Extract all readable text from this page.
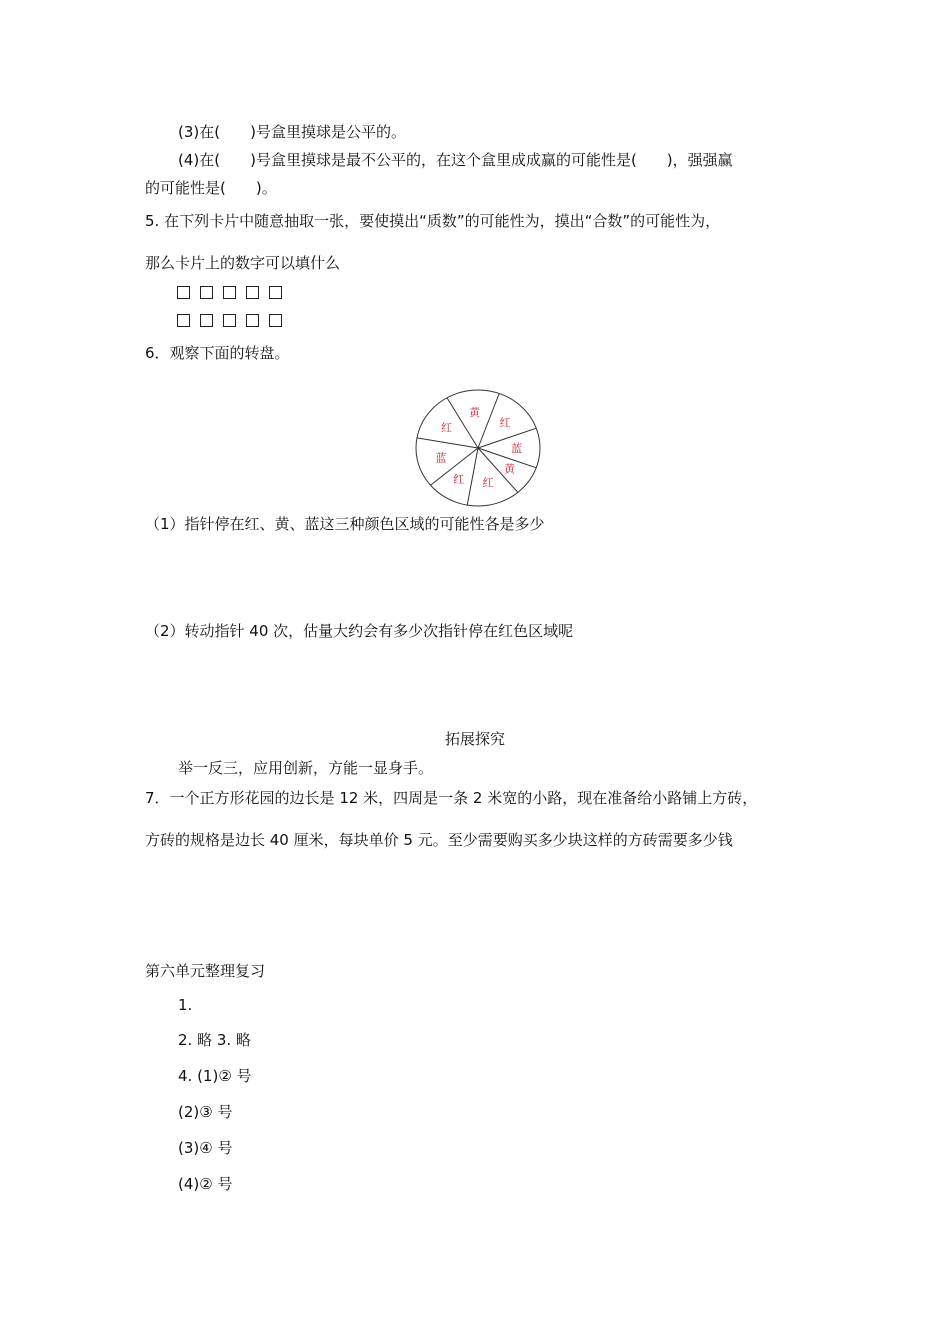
(3)在(　　)号盒里摸球是公平的。
(4)在(　　)号盒里摸球是最不公平的，在这个盒里成成赢的可能性是(　　)，强强赢
的可能性是(　　)。
5. 在下列卡片中随意抽取一张，要使摸出“质数”的可能性为，摸出“合数”的可能性为，
那么卡片上的数字可以填什么
6．观察下面的转盘。
黄
红
蓝
黄
红
红
蓝
红
（1）指针停在红、黄、蓝这三种颜色区域的可能性各是多少
（2）转动指针 40 次，估量大约会有多少次指针停在红色区域呢
拓展探究
举一反三，应用创新，方能一显身手。
7．一个正方形花园的边长是 12 米，四周是一条 2 米宽的小路，现在准备给小路铺上方砖，
方砖的规格是边长 40 厘米，每块单价 5 元。至少需要购买多少块这样的方砖需要多少钱
第六单元整理复习
1.
2. 略 3. 略
4. (1)② 号
(2)③ 号
(3)④ 号
(4)② 号
